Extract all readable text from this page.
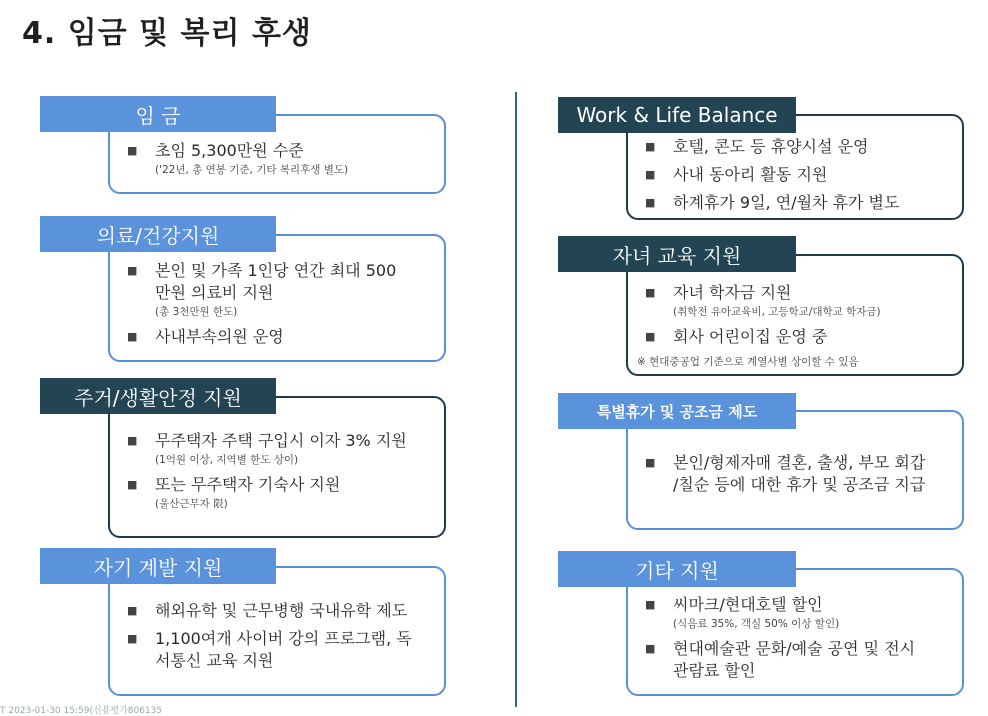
4. 임금 및 복리 후생
T 2023-01-30 15:59(신용평가806135
임 금
■ 초임 5,300만원 수준
('22년, 총 연봉 기준, 기타 복리후생 별도)
의료/건강지원
■ 본인 및 가족 1인당 연간 최대 500
만원 의료비 지원
(총 3천만원 한도)
■ 사내부속의원 운영
주거/생활안정 지원
■ 무주택자 주택 구입시 이자 3% 지원
(1억원 이상, 지역별 한도 상이)
■ 또는 무주택자 기숙사 지원
(울산근무자 限)
자기 계발 지원
■ 해외유학 및 근무병행 국내유학 제도
■ 1,100여개 사이버 강의 프로그램, 독
서통신 교육 지원
Work & Life Balance
■ 호텔, 콘도 등 휴양시설 운영
■ 사내 동아리 활동 지원
■ 하계휴가 9일, 연/월차 휴가 별도
자녀 교육 지원
■ 자녀 학자금 지원
(취학전 유아교육비, 고등학교/대학교 학자금)
■ 회사 어린이집 운영 중
※ 현대중공업 기준으로 계열사별 상이할 수 있음
특별휴가 및 공조금 제도
■ 본인/형제자매 결혼, 출생, 부모 회갑
/칠순 등에 대한 휴가 및 공조금 지급
기타 지원
■ 씨마크/현대호텔 할인
(식음료 35%, 객실 50% 이상 할인)
■ 현대예술관 문화/예술 공연 및 전시
관람료 할인
